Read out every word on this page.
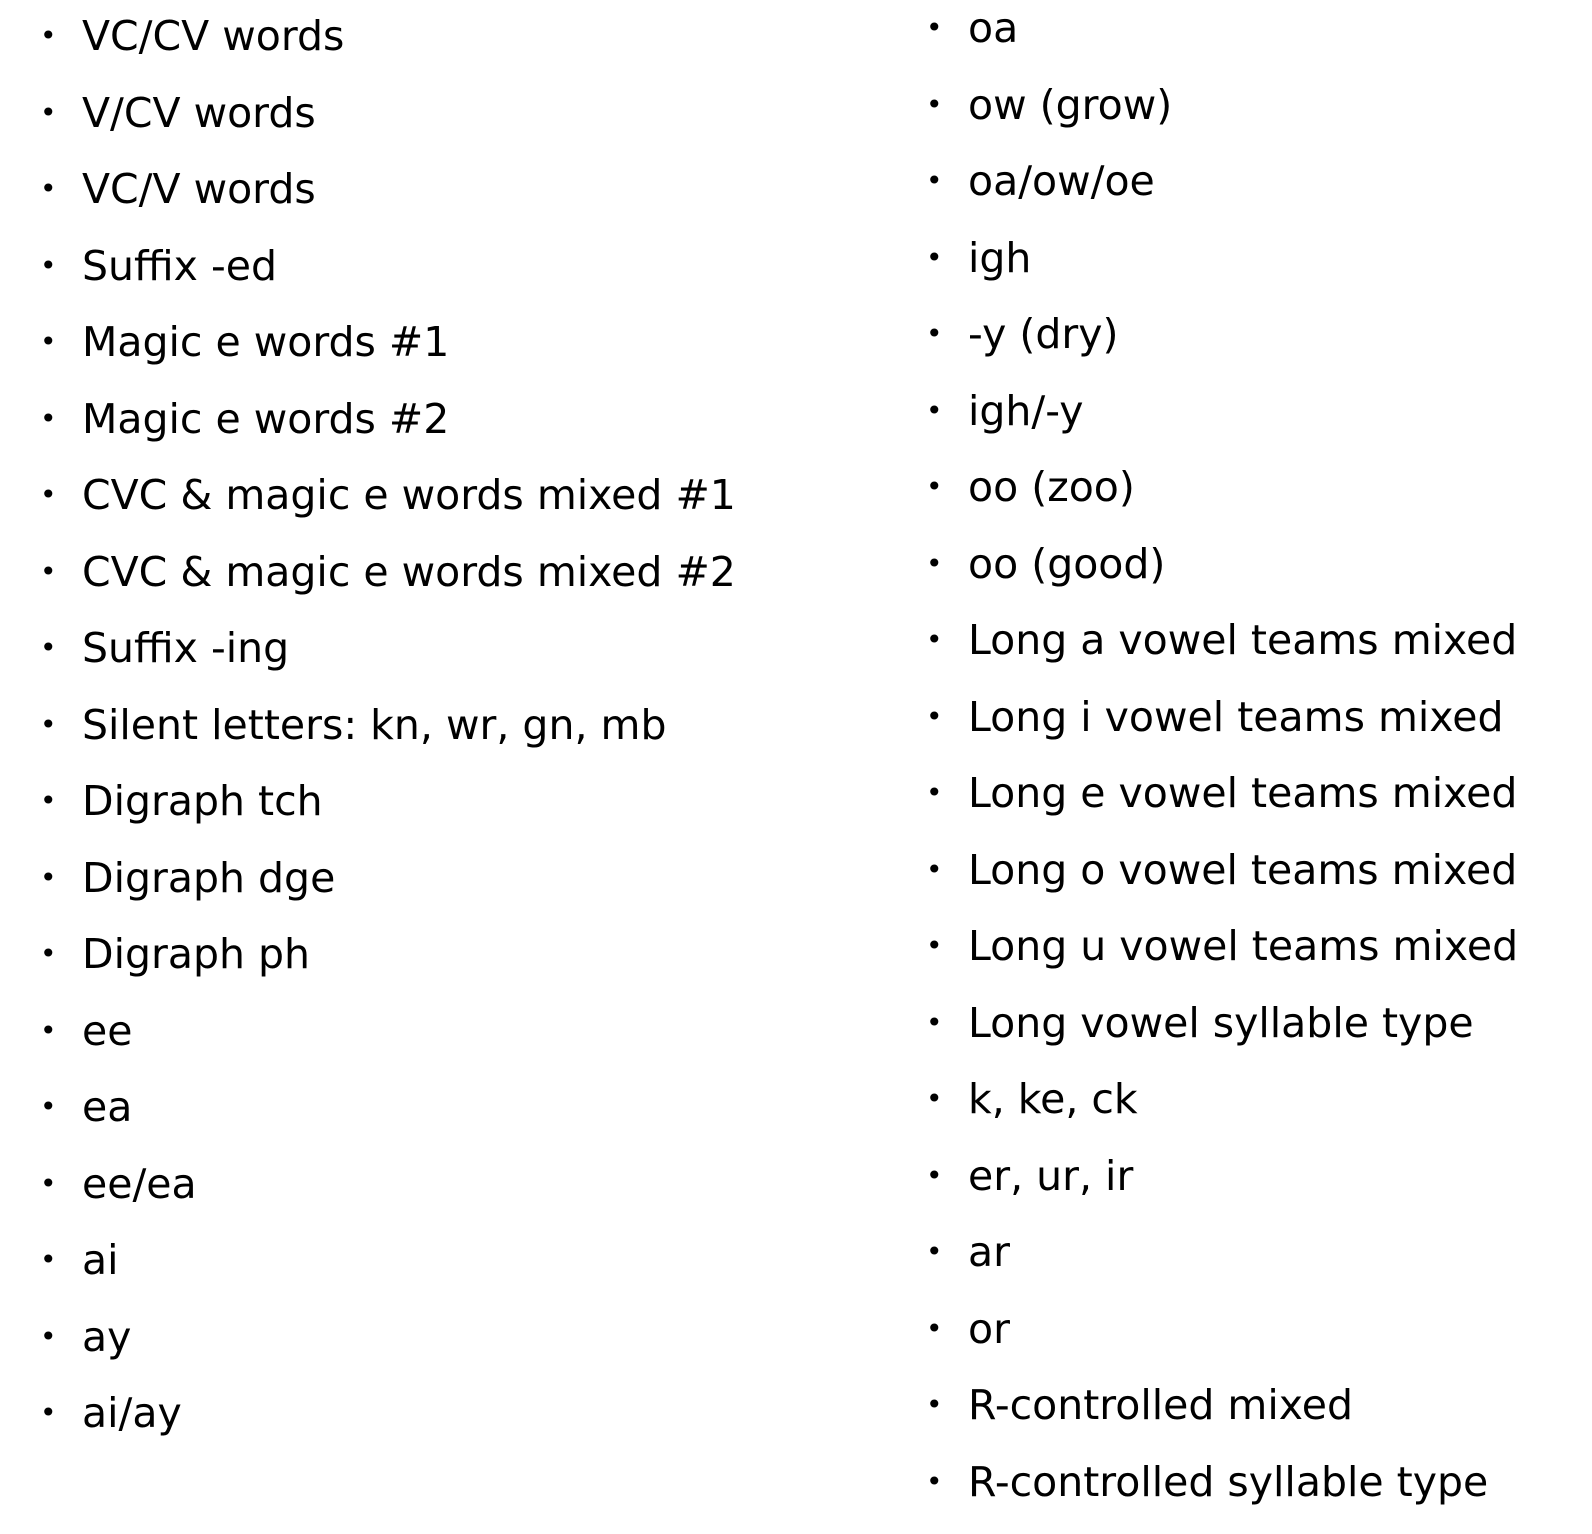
• VC/CV words
• V/CV words
• VC/V words
• Suffix -ed
• Magic e words #1
• Magic e words #2
• CVC & magic e words mixed #1
• CVC & magic e words mixed #2
• Suffix -ing
• Silent letters: kn, wr, gn, mb
• Digraph tch
• Digraph dge
• Digraph ph
• ee
• ea
• ee/ea
• ai
• ay
• ai/ay
• oa
• ow (grow)
• oa/ow/oe
• igh
• -y (dry)
• igh/-y
• oo (zoo)
• oo (good)
• Long a vowel teams mixed
• Long i vowel teams mixed
• Long e vowel teams mixed
• Long o vowel teams mixed
• Long u vowel teams mixed
• Long vowel syllable type
• k, ke, ck
• er, ur, ir
• ar
• or
• R-controlled mixed
• R-controlled syllable type
